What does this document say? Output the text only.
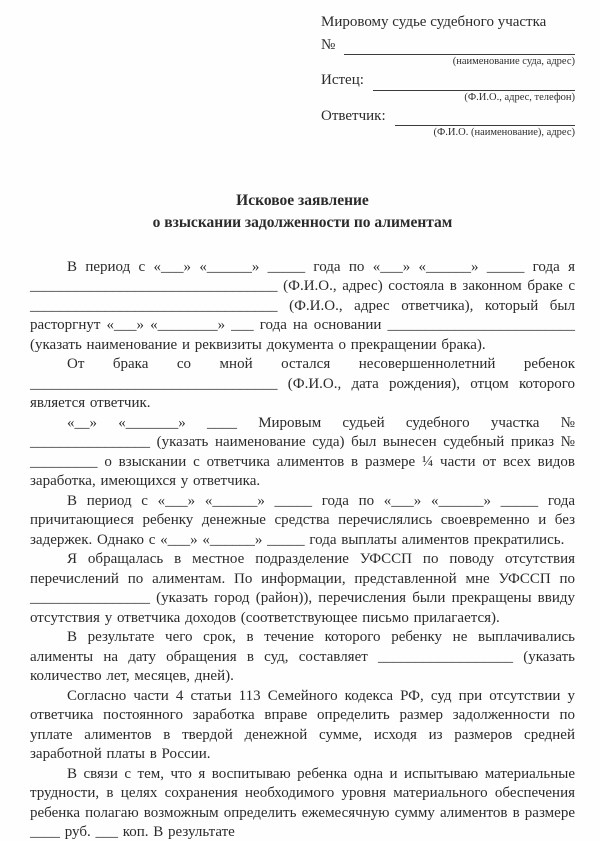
Мировому судье судебного участка
№
(наименование суда, адрес)
Истец:
(Ф.И.О., адрес, телефон)
Ответчик:
(Ф.И.О. (наименование), адрес)
Исковое заявление
о взыскании задолженности по алиментам

В период с «___» «______» _____ года по «___» «______» _____ года я _________________________________ (Ф.И.О., адрес) состояла в законном браке с _________________________________ (Ф.И.О., адрес ответчика), который был расторгнут «___» «________» ___ года на основании _________________________ (указать наименование и реквизиты документа о прекращении брака).

От брака со мной остался несовершеннолетний ребенок _________________________________ (Ф.И.О., дата рождения), отцом которого является ответчик.

«__» «_______» ____ Мировым судьей судебного участка № ________________ (указать наименование суда) был вынесен судебный приказ № _________ о взыскании с ответчика алиментов в размере ¼ части от всех видов заработка, имеющихся у ответчика.

В период с «___» «______» _____ года по «___» «______» _____ года причитающиеся ребенку денежные средства перечислялись своевременно и без задержек. Однако с «___» «______» _____ года выплаты алиментов прекратились.

Я обращалась в местное подразделение УФССП по поводу отсутствия перечислений по алиментам. По информации, представленной мне УФССП по ________________ (указать город (район)), перечисления были прекращены ввиду отсутствия у ответчика доходов (соответствующее письмо прилагается).

В результате чего срок, в течение которого ребенку не выплачивались алименты на дату обращения в суд, составляет __________________ (указать количество лет, месяцев, дней).

Согласно части 4 статьи 113 Семейного кодекса РФ, суд при отсутствии у ответчика постоянного заработка вправе определить размер задолженности по уплате алиментов в твердой денежной сумме, исходя из размеров средней заработной платы в России.

В связи с тем, что я воспитываю ребенка одна и испытываю материальные трудности, в целях сохранения необходимого уровня материального обеспечения ребенка полагаю возможным определить ежемесячную сумму алиментов в размере ____ руб. ___ коп. В результате
